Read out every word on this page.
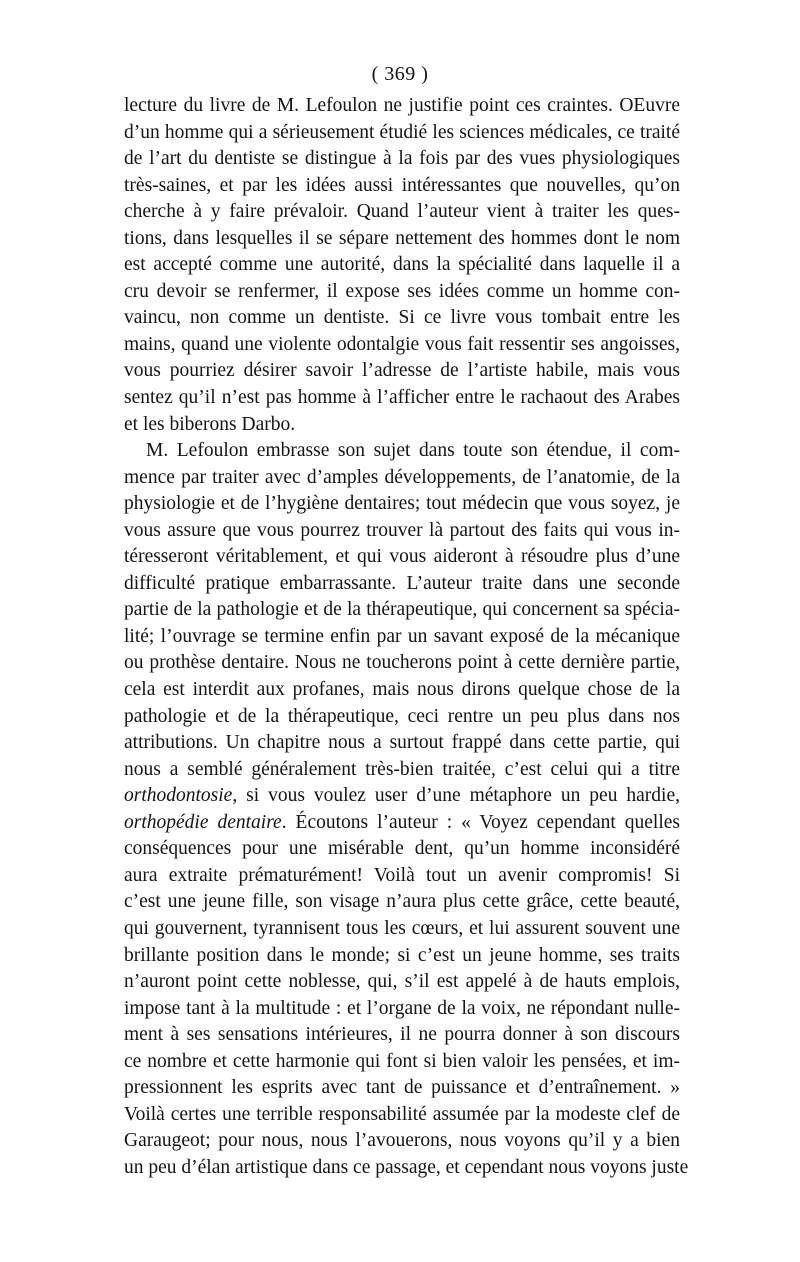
( 369 )
lecture du livre de M. Lefoulon ne justifie point ces craintes. OEuvre
d’un homme qui a sérieusement étudié les sciences médicales, ce traité
de l’art du dentiste se distingue à la fois par des vues physiologiques
très-saines, et par les idées aussi intéressantes que nouvelles, qu’on
cherche à y faire prévaloir. Quand l’auteur vient à traiter les ques-
tions, dans lesquelles il se sépare nettement des hommes dont le nom
est accepté comme une autorité, dans la spécialité dans laquelle il a
cru devoir se renfermer, il expose ses idées comme un homme con-
vaincu, non comme un dentiste. Si ce livre vous tombait entre les
mains, quand une violente odontalgie vous fait ressentir ses angoisses,
vous pourriez désirer savoir l’adresse de l’artiste habile, mais vous
sentez qu’il n’est pas homme à l’afficher entre le rachaout des Arabes
et les biberons Darbo.
M. Lefoulon embrasse son sujet dans toute son étendue, il com-
mence par traiter avec d’amples développements, de l’anatomie, de la
physiologie et de l’hygiène dentaires; tout médecin que vous soyez, je
vous assure que vous pourrez trouver là partout des faits qui vous in-
téresseront véritablement, et qui vous aideront à résoudre plus d’une
difficulté pratique embarrassante. L’auteur traite dans une seconde
partie de la pathologie et de la thérapeutique, qui concernent sa spécia-
lité; l’ouvrage se termine enfin par un savant exposé de la mécanique
ou prothèse dentaire. Nous ne toucherons point à cette dernière partie,
cela est interdit aux profanes, mais nous dirons quelque chose de la
pathologie et de la thérapeutique, ceci rentre un peu plus dans nos
attributions. Un chapitre nous a surtout frappé dans cette partie, qui
nous a semblé généralement très-bien traitée, c’est celui qui a titre
orthodontosie, si vous voulez user d’une métaphore un peu hardie,
orthopédie dentaire. Écoutons l’auteur : « Voyez cependant quelles
conséquences pour une misérable dent, qu’un homme inconsidéré
aura extraite prématurément! Voilà tout un avenir compromis! Si
c’est une jeune fille, son visage n’aura plus cette grâce, cette beauté,
qui gouvernent, tyrannisent tous les cœurs, et lui assurent souvent une
brillante position dans le monde; si c’est un jeune homme, ses traits
n’auront point cette noblesse, qui, s’il est appelé à de hauts emplois,
impose tant à la multitude : et l’organe de la voix, ne répondant nulle-
ment à ses sensations intérieures, il ne pourra donner à son discours
ce nombre et cette harmonie qui font si bien valoir les pensées, et im-
pressionnent les esprits avec tant de puissance et d’entraînement. »
Voilà certes une terrible responsabilité assumée par la modeste clef de
Garaugeot; pour nous, nous l’avouerons, nous voyons qu’il y a bien
un peu d’élan artistique dans ce passage, et cependant nous voyons juste
